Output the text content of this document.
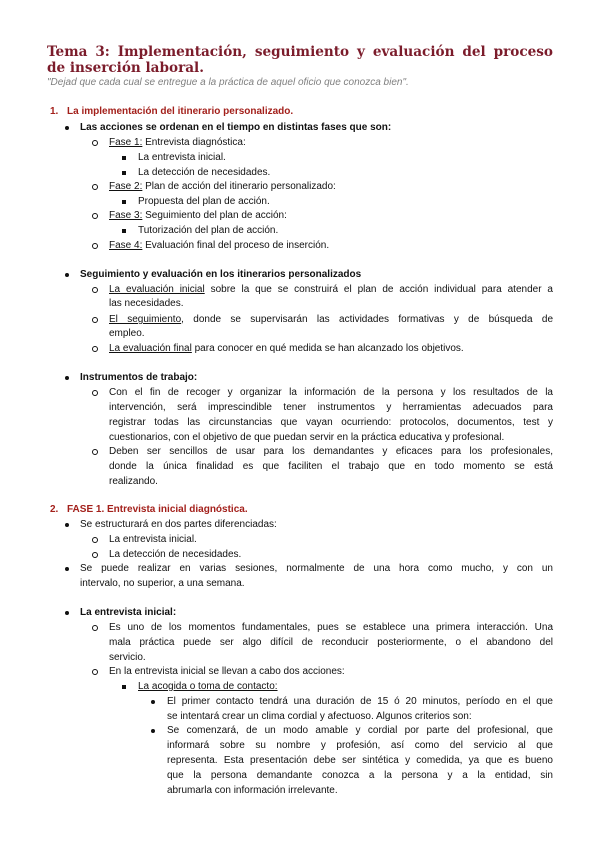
Tema 3: Implementación, seguimiento y evaluación del proceso de inserción laboral.
"Dejad que cada cual se entregue a la práctica de aquel oficio que conozca bien".
1. La implementación del itinerario personalizado.
Las acciones se ordenan en el tiempo en distintas fases que son:
Fase 1: Entrevista diagnóstica:
La entrevista inicial.
La detección de necesidades.
Fase 2: Plan de acción del itinerario personalizado:
Propuesta del plan de acción.
Fase 3: Seguimiento del plan de acción:
Tutorización del plan de acción.
Fase 4: Evaluación final del proceso de inserción.
Seguimiento y evaluación en los itinerarios personalizados
La evaluación inicial sobre la que se construirá el plan de acción individual para atender a
las necesidades.
El seguimiento, donde se supervisarán las actividades formativas y de búsqueda de
empleo.
La evaluación final para conocer en qué medida se han alcanzado los objetivos.
Instrumentos de trabajo:
Con el fin de recoger y organizar la información de la persona y los resultados de la
intervención, será imprescindible tener instrumentos y herramientas adecuados para
registrar todas las circunstancias que vayan ocurriendo: protocolos, documentos, test y
cuestionarios, con el objetivo de que puedan servir en la práctica educativa y profesional.
Deben ser sencillos de usar para los demandantes y eficaces para los profesionales,
donde la única finalidad es que faciliten el trabajo que en todo momento se está
realizando.
2. FASE 1. Entrevista inicial diagnóstica.
Se estructurará en dos partes diferenciadas:
La entrevista inicial.
La detección de necesidades.
Se puede realizar en varias sesiones, normalmente de una hora como mucho, y con un
intervalo, no superior, a una semana.
La entrevista inicial:
Es uno de los momentos fundamentales, pues se establece una primera interacción. Una
mala práctica puede ser algo difícil de reconducir posteriormente, o el abandono del
servicio.
En la entrevista inicial se llevan a cabo dos acciones:
La acogida o toma de contacto:
El primer contacto tendrá una duración de 15 ó 20 minutos, período en el que
se intentará crear un clima cordial y afectuoso. Algunos criterios son:
Se comenzará, de un modo amable y cordial por parte del profesional, que
informará sobre su nombre y profesión, así como del servicio al que
representa. Esta presentación debe ser sintética y comedida, ya que es bueno
que la persona demandante conozca a la persona y a la entidad, sin
abrumarla con información irrelevante.
